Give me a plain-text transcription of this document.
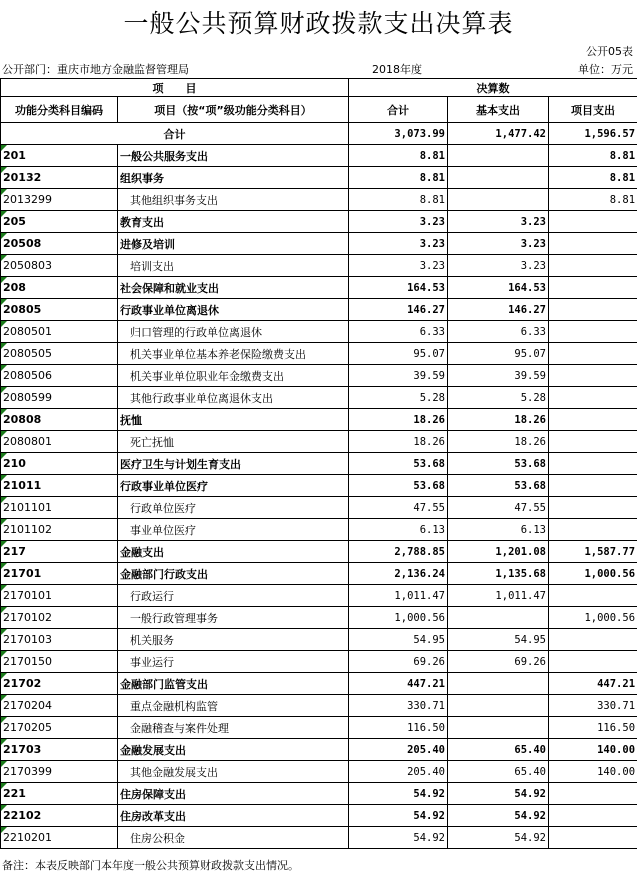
一般公共预算财政拨款支出决算表
公开05表
公开部门：重庆市地方金融监督管理局	2018年度	单位：万元
项　　目		决算数		
功能分类科目编码	项目（按“项”级功能分类科目）	合计	基本支出	项目支出
合计		3,073.99	1,477.42	1,596.57

201	一般公共服务支出	8.81		8.81

20132	组织事务	8.81		8.81

2013299	其他组织事务支出	8.81		8.81

205	教育支出	3.23	3.23	

20508	进修及培训	3.23	3.23	

2050803	培训支出	3.23	3.23	

208	社会保障和就业支出	164.53	164.53	

20805	行政事业单位离退休	146.27	146.27	

2080501	归口管理的行政单位离退休	6.33	6.33	

2080505	机关事业单位基本养老保险缴费支出	95.07	95.07	

2080506	机关事业单位职业年金缴费支出	39.59	39.59	

2080599	其他行政事业单位离退休支出	5.28	5.28	

20808	抚恤	18.26	18.26	

2080801	死亡抚恤	18.26	18.26	

210	医疗卫生与计划生育支出	53.68	53.68	

21011	行政事业单位医疗	53.68	53.68	

2101101	行政单位医疗	47.55	47.55	

2101102	事业单位医疗	6.13	6.13	

217	金融支出	2,788.85	1,201.08	1,587.77

21701	金融部门行政支出	2,136.24	1,135.68	1,000.56

2170101	行政运行	1,011.47	1,011.47	

2170102	一般行政管理事务	1,000.56		1,000.56

2170103	机关服务	54.95	54.95	

2170150	事业运行	69.26	69.26	

21702	金融部门监管支出	447.21		447.21

2170204	重点金融机构监管	330.71		330.71

2170205	金融稽查与案件处理	116.50		116.50

21703	金融发展支出	205.40	65.40	140.00

2170399	其他金融发展支出	205.40	65.40	140.00

221	住房保障支出	54.92	54.92	

22102	住房改革支出	54.92	54.92	

2210201	住房公积金	54.92	54.92	
备注：本表反映部门本年度一般公共预算财政拨款支出情况。
